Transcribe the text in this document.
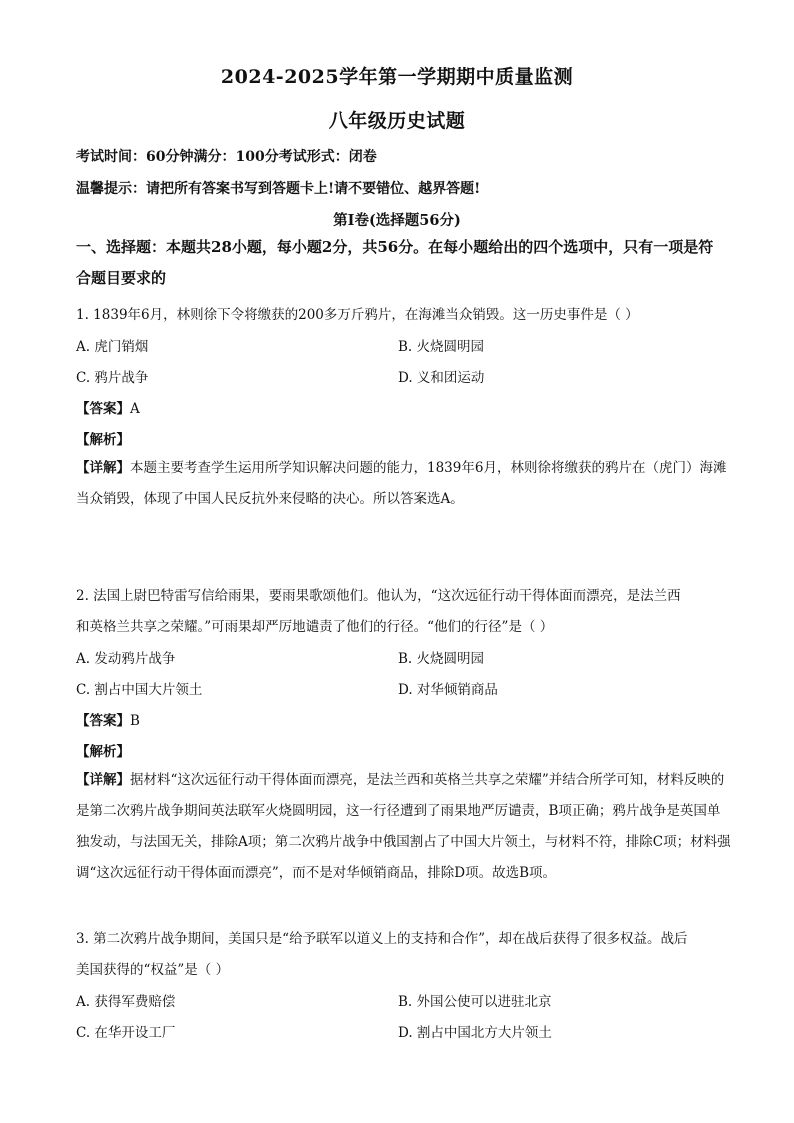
2024-2025学年第一学期期中质量监测
八年级历史试题
考试时间：60分钟满分：100分考试形式：闭卷
温馨提示：请把所有答案书写到答题卡上!请不要错位、越界答题!
第Ⅰ卷(选择题56分)
一、选择题：本题共28小题，每小题2分，共56分。在每小题给出的四个选项中，只有一项是符合题目要求的
1. 1839年6月，林则徐下令将缴获的200多万斤鸦片，在海滩当众销毁。这一历史事件是（ ）
A. 虎门销烟	B. 火烧圆明园
C. 鸦片战争	D. 义和团运动
【答案】A
【解析】
【详解】本题主要考查学生运用所学知识解决问题的能力，1839年6月，林则徐将缴获的鸦片在（虎门）海滩当众销毁，体现了中国人民反抗外来侵略的决心。所以答案选A。
2. 法国上尉巴特雷写信给雨果，要雨果歌颂他们。他认为，“这次远征行动干得体面而漂亮，是法兰西
和英格兰共享之荣耀。”可雨果却严厉地谴责了他们的行径。“他们的行径”是（ ）
A. 发动鸦片战争	B. 火烧圆明园
C. 割占中国大片领土	D. 对华倾销商品
【答案】B
【解析】
【详解】据材料“这次远征行动干得体面而漂亮，是法兰西和英格兰共享之荣耀”并结合所学可知，材料反映的是第二次鸦片战争期间英法联军火烧圆明园，这一行径遭到了雨果地严厉谴责，B项正确；鸦片战争是英国单独发动，与法国无关，排除A项；第二次鸦片战争中俄国割占了中国大片领土，与材料不符，排除C项；材料强调“这次远征行动干得体面而漂亮”，而不是对华倾销商品，排除D项。故选B项。
3. 第二次鸦片战争期间，美国只是“给予联军以道义上的支持和合作”，却在战后获得了很多权益。战后
美国获得的“权益”是（ ）
A. 获得军费赔偿	B. 外国公使可以进驻北京
C. 在华开设工厂	D. 割占中国北方大片领土
